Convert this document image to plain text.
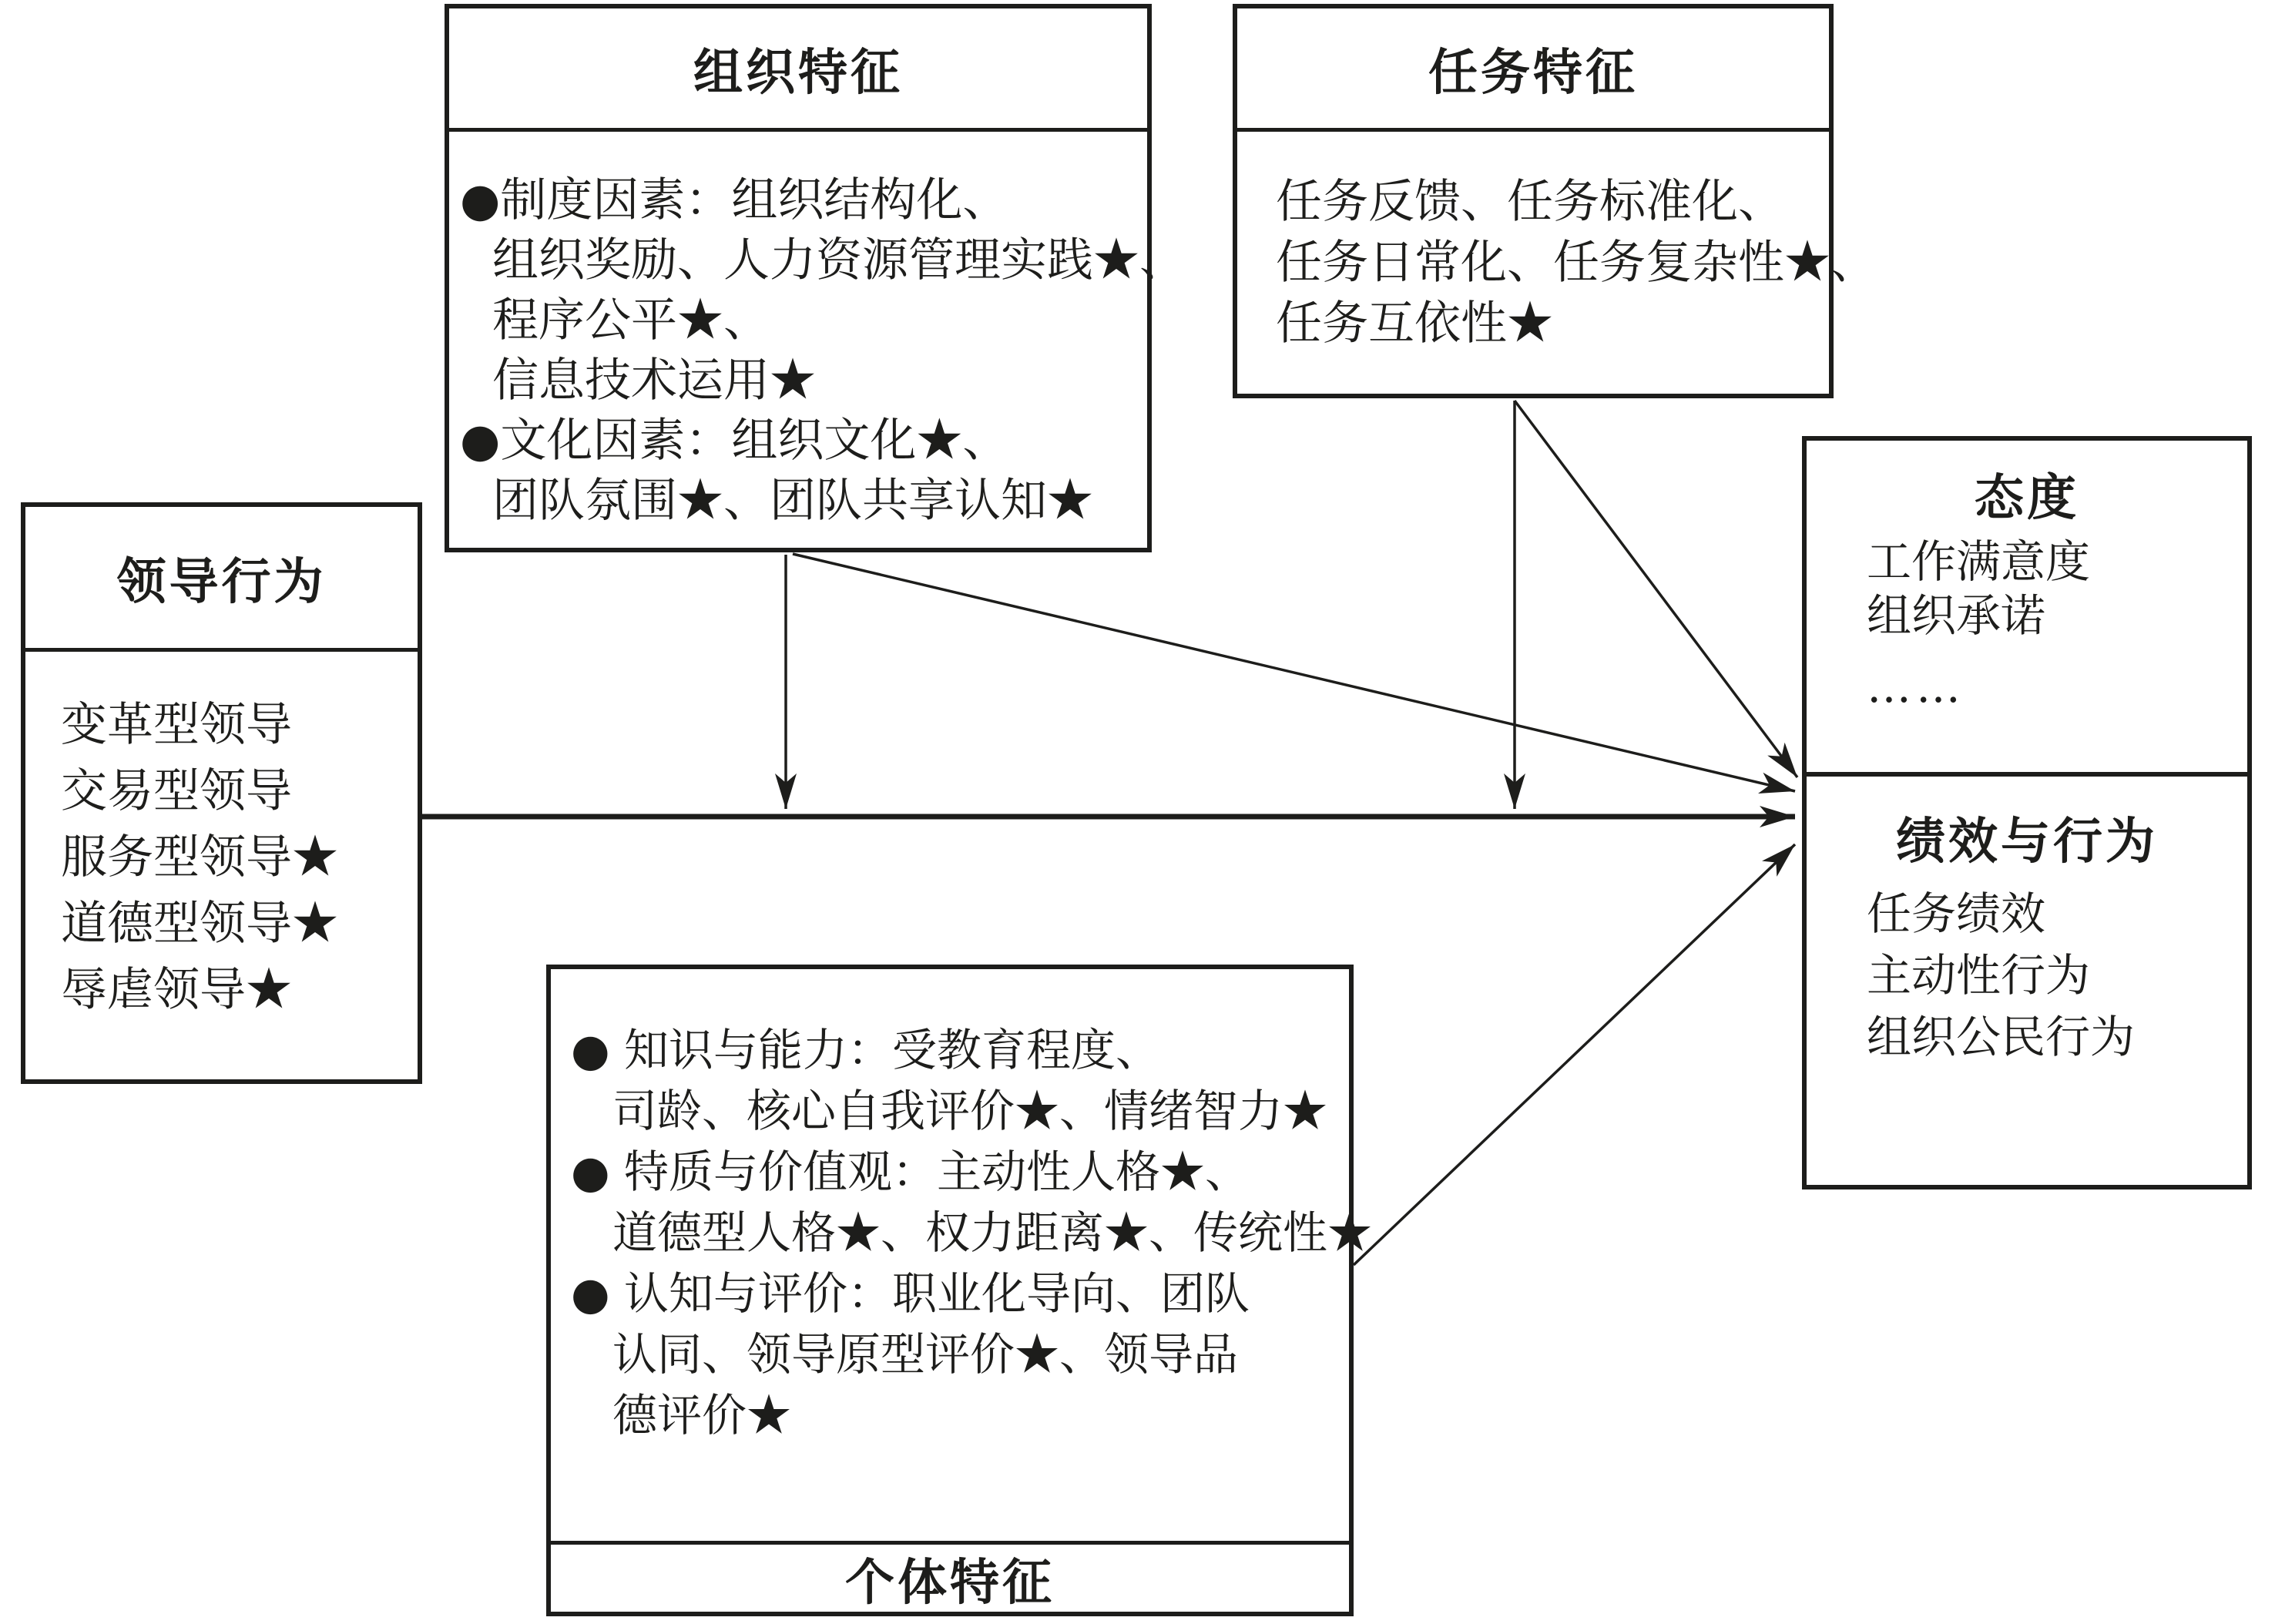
组织特征
●制度因素：组织结构化、
组织奖励、人力资源管理实践★、
程序公平★、
信息技术运用★
●文化因素：组织文化★、
团队氛围★、团队共享认知★
任务特征
任务反馈、任务标准化、
任务日常化、任务复杂性★、
任务互依性★
领导行为
变革型领导
交易型领导
服务型领导★
道德型领导★
辱虐领导★
● 知识与能力：受教育程度、
司龄、核心自我评价★、情绪智力★
● 特质与价值观：主动性人格★、
道德型人格★、权力距离★、传统性★
● 认知与评价：职业化导向、团队
认同、领导原型评价★、领导品
德评价★
个体特征
态度
工作满意度
组织承诺
……
绩效与行为
任务绩效
主动性行为
组织公民行为
